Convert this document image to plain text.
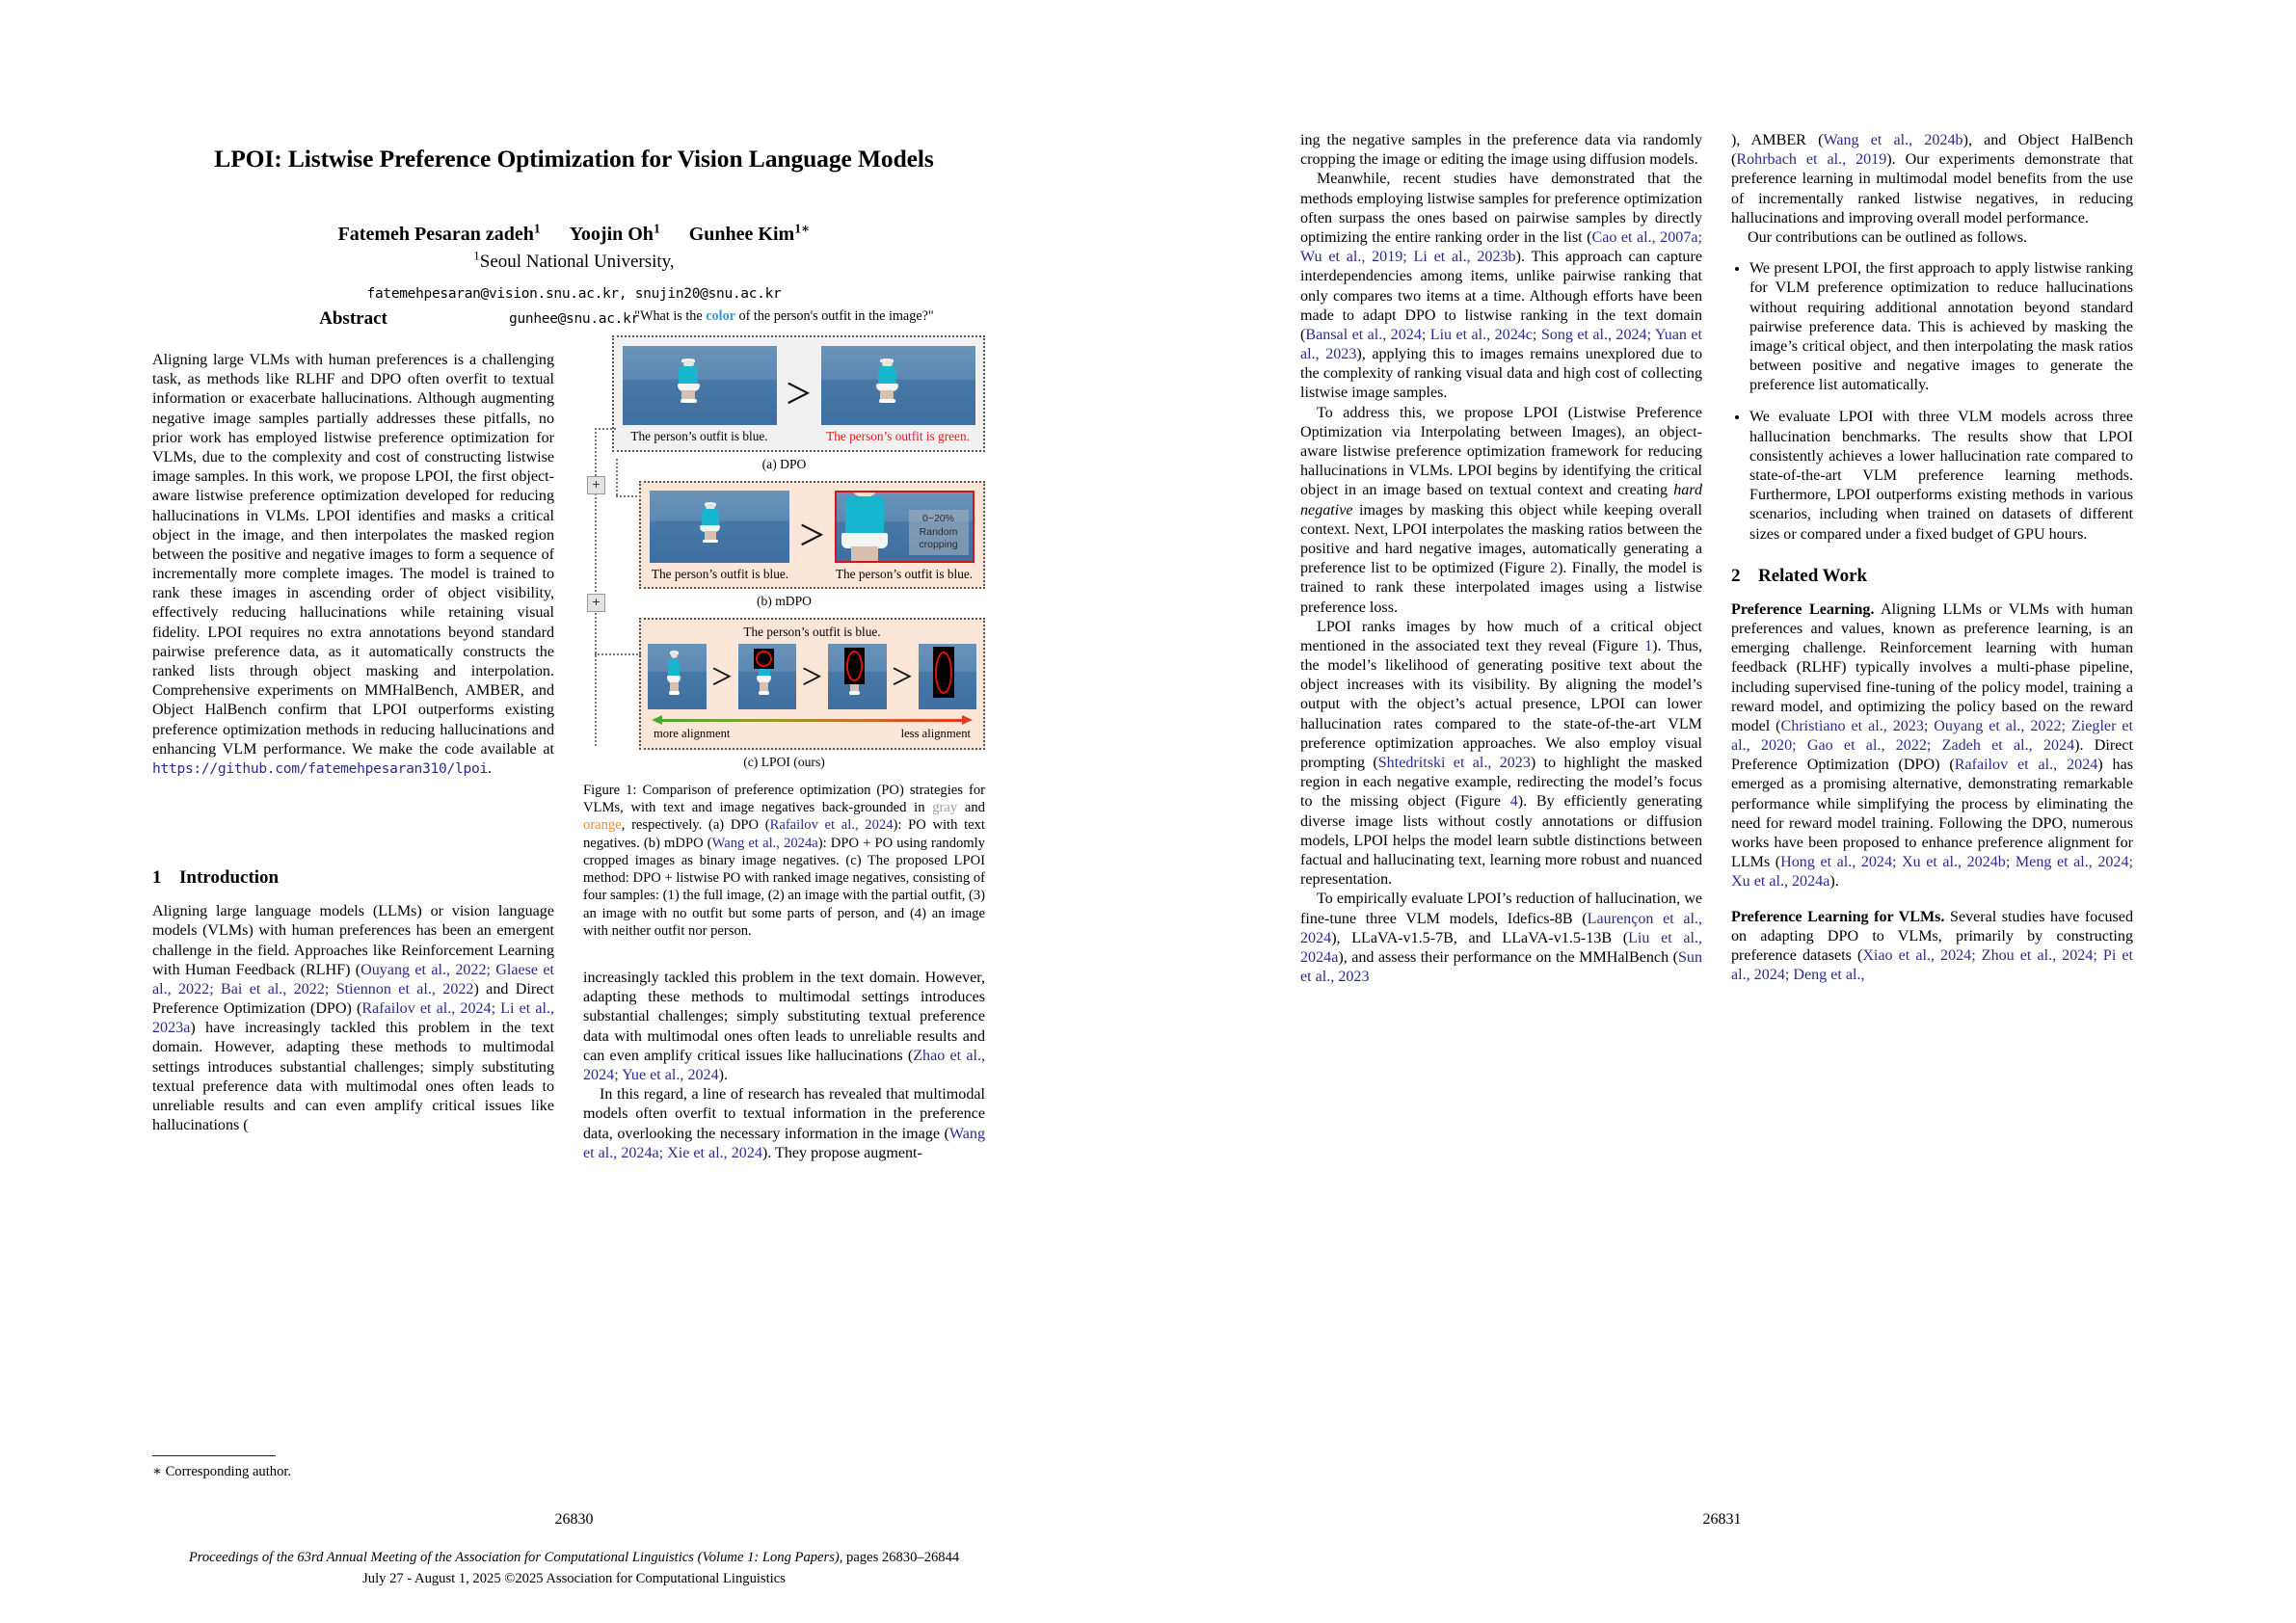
LPOI: Listwise Preference Optimization for Vision Language Models
Fatemeh Pesaran zadeh$^1$ Yoojin Oh$^1$ Gunhee Kim$^{1∗}$
$^1$Seoul National University,
fatemehpesaran@vision.snu.ac.kr, snujin20@snu.ac.kr
gunhee@snu.ac.kr
Abstract

Aligning large VLMs with human preferences is a challenging task, as methods like RLHF and DPO often overfit to textual information or exacerbate hallucinations. Although augmenting negative image samples partially addresses these pitfalls, no prior work has employed listwise preference optimization for VLMs, due to the complexity and cost of constructing listwise image samples. In this work, we propose LPOI, the first object-aware listwise preference optimization developed for reducing hallucinations in VLMs. LPOI identifies and masks a critical object in the image, and then interpolates the masked region between the positive and negative images to form a sequence of incrementally more complete images. The model is trained to rank these images in ascending order of object visibility, effectively reducing hallucinations while retaining visual fidelity. LPOI requires no extra annotations beyond standard pairwise preference data, as it automatically constructs the ranked lists through object masking and interpolation. Comprehensive experiments on MMHalBench, AMBER, and Object HalBench confirm that LPOI outperforms existing preference optimization methods in reducing hallucinations and enhancing VLM performance. We make the code available at https://github.com/fatemehpesaran310/lpoi.

1 Introduction

Aligning large language models (LLMs) or vision language models (VLMs) with human preferences has been an emergent challenge in the field. Approaches like Reinforcement Learning with Human Feedback (RLHF) (Ouyang et al., 2022; Glaese et al., 2022; Bai et al., 2022; Stiennon et al., 2022) and Direct Preference Optimization (DPO) (Rafailov et al., 2024; Li et al., 2023a) have increasingly tackled this problem in the text domain. However, adapting these methods to multimodal settings introduces substantial challenges; simply substituting textual preference data with multimodal ones often leads to unreliable results and can even amplify critical issues like hallucinations (

"What is the color of the person's outfit in the image?"
The person’s outfit is blue.
＞
The person’s outfit is green.
(a) DPO
+
The person’s outfit is blue.
＞
0~20% Random cropping
The person’s outfit is blue.
(b) mDPO
+
The person’s outfit is blue.
＞	＞	＞
more alignment	less alignment
(c) LPOI (ours)
Figure 1: Comparison of preference optimization (PO) strategies for VLMs, with text and image negatives back-grounded in gray and orange, respectively. (a) DPO (Rafailov et al., 2024): PO with text negatives. (b) mDPO (Wang et al., 2024a): DPO + PO using randomly cropped images as binary image negatives. (c) The proposed LPOI method: DPO + listwise PO with ranked image negatives, consisting of four samples: (1) the full image, (2) an image with the partial outfit, (3) an image with no outfit but some parts of person, and (4) an image with neither outfit nor person.

increasingly tackled this problem in the text domain. However, adapting these methods to multimodal settings introduces substantial challenges; simply substituting textual preference data with multimodal ones often leads to unreliable results and can even amplify critical issues like hallucinations (Zhao et al., 2024; Yue et al., 2024).

In this regard, a line of research has revealed that multimodal models often overfit to textual information in the preference data, overlooking the necessary information in the image (Wang et al., 2024a; Xie et al., 2024). They propose augment-

∗ Corresponding author.
26830
Proceedings of the 63rd Annual Meeting of the Association for Computational Linguistics (Volume 1: Long Papers), pages 26830–26844
July 27 - August 1, 2025 ©2025 Association for Computational Linguistics

ing the negative samples in the preference data via randomly cropping the image or editing the image using diffusion models.

Meanwhile, recent studies have demonstrated that the methods employing listwise samples for preference optimization often surpass the ones based on pairwise samples by directly optimizing the entire ranking order in the list (Cao et al., 2007a; Wu et al., 2019; Li et al., 2023b). This approach can capture interdependencies among items, unlike pairwise ranking that only compares two items at a time. Although efforts have been made to adapt DPO to listwise ranking in the text domain (Bansal et al., 2024; Liu et al., 2024c; Song et al., 2024; Yuan et al., 2023), applying this to images remains unexplored due to the complexity of ranking visual data and high cost of collecting listwise image samples.

To address this, we propose LPOI (Listwise Preference Optimization via Interpolating between Images), an object-aware listwise preference optimization framework for reducing hallucinations in VLMs. LPOI begins by identifying the critical object in an image based on textual context and creating hard negative images by masking this object while keeping overall context. Next, LPOI interpolates the masking ratios between the positive and hard negative images, automatically generating a preference list to be optimized (Figure 2). Finally, the model is trained to rank these interpolated images using a listwise preference loss.

LPOI ranks images by how much of a critical object mentioned in the associated text they reveal (Figure 1). Thus, the model’s likelihood of generating positive text about the object increases with its visibility. By aligning the model’s output with the object’s actual presence, LPOI can lower hallucination rates compared to the state-of-the-art VLM preference optimization approaches. We also employ visual prompting (Shtedritski et al., 2023) to highlight the masked region in each negative example, redirecting the model’s focus to the missing object (Figure 4). By efficiently generating diverse image lists without costly annotations or diffusion models, LPOI helps the model learn subtle distinctions between factual and hallucinating text, learning more robust and nuanced representation.

To empirically evaluate LPOI’s reduction of hallucination, we fine-tune three VLM models, Idefics-8B (Laurençon et al., 2024), LLaVA-v1.5-7B, and LLaVA-v1.5-13B (Liu et al., 2024a), and assess their performance on the MMHalBench (Sun et al., 2023

), AMBER (Wang et al., 2024b), and Object HalBench (Rohrbach et al., 2019). Our experiments demonstrate that preference learning in multimodal model benefits from the use of incrementally ranked listwise negatives, in reducing hallucinations and improving overall model performance.

Our contributions can be outlined as follows.

• We present LPOI, the first approach to apply listwise ranking for VLM preference optimization to reduce hallucinations without requiring additional annotation beyond standard pairwise preference data. This is achieved by masking the image’s critical object, and then interpolating the mask ratios between positive and negative images to generate the preference list automatically.
• We evaluate LPOI with three VLM models across three hallucination benchmarks. The results show that LPOI consistently achieves a lower hallucination rate compared to state-of-the-art VLM preference learning methods. Furthermore, LPOI outperforms existing methods in various scenarios, including when trained on datasets of different sizes or compared under a fixed budget of GPU hours.
2 Related Work

Preference Learning. Aligning LLMs or VLMs with human preferences and values, known as preference learning, is an emerging challenge. Reinforcement learning with human feedback (RLHF) typically involves a multi-phase pipeline, including supervised fine-tuning of the policy model, training a reward model, and optimizing the policy based on the reward model (Christiano et al., 2023; Ouyang et al., 2022; Ziegler et al., 2020; Gao et al., 2022; Zadeh et al., 2024). Direct Preference Optimization (DPO) (Rafailov et al., 2024) has emerged as a promising alternative, demonstrating remarkable performance while simplifying the process by eliminating the need for reward model training. Following the DPO, numerous works have been proposed to enhance preference alignment for LLMs (Hong et al., 2024; Xu et al., 2024b; Meng et al., 2024; Xu et al., 2024a).

Preference Learning for VLMs. Several studies have focused on adapting DPO to VLMs, primarily by constructing preference datasets (Xiao et al., 2024; Zhou et al., 2024; Pi et al., 2024; Deng et al.,

26831
